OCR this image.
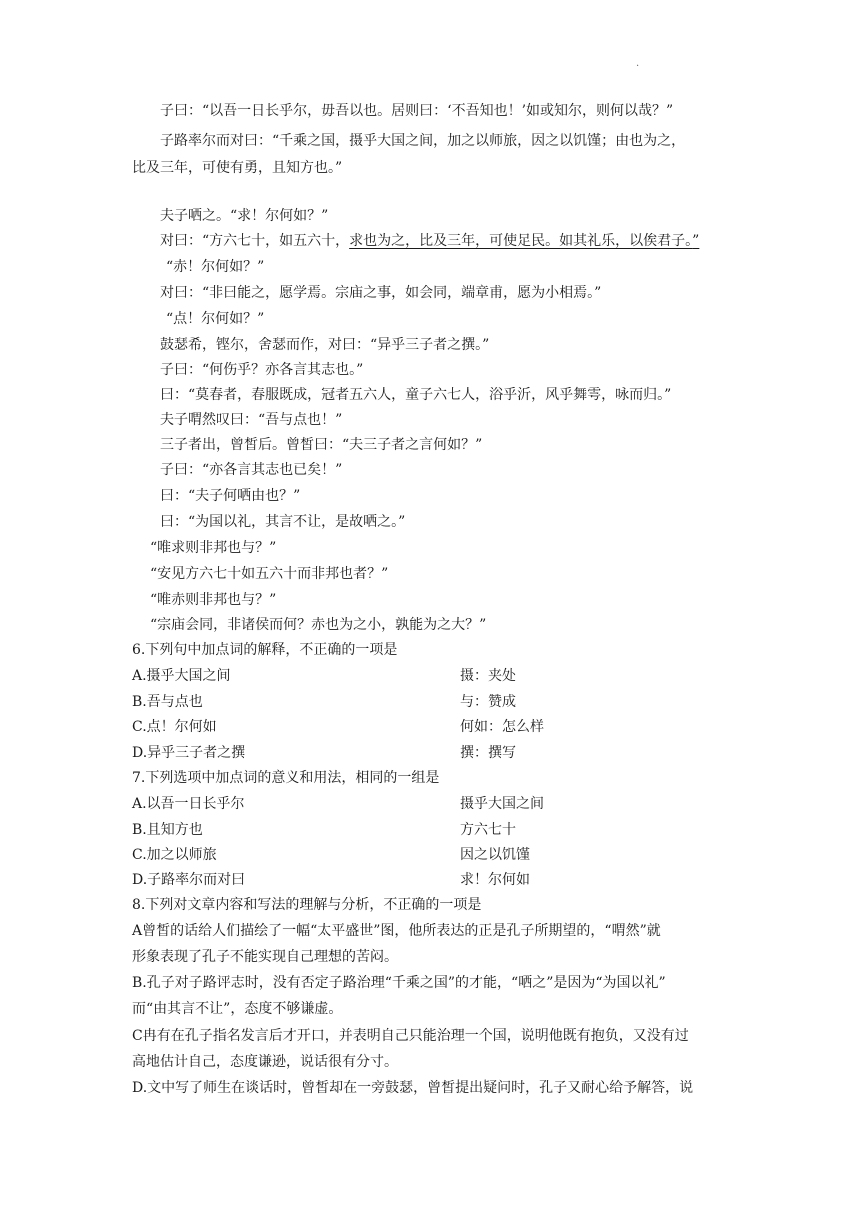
.
子曰：“以吾一日长乎尔，毋吾以也。居则曰：‘不吾知也！’如或知尔，则何以哉？”
子路率尔而对曰：“千乘之国，摄乎大国之间，加之以师旅，因之以饥馑；由也为之，
比及三年，可使有勇，且知方也。”
夫子哂之。“求！尔何如？”
对曰：“方六七十，如五六十，求也为之，比及三年，可使足民。如其礼乐，以俟君子。”
“赤！尔何如？”
对曰：“非曰能之，愿学焉。宗庙之事，如会同，端章甫，愿为小相焉。”
“点！尔何如？”
鼓瑟希，铿尔，舍瑟而作，对曰：“异乎三子者之撰。”
子曰：“何伤乎？亦各言其志也。”
曰：“莫春者，春服既成，冠者五六人，童子六七人，浴乎沂，风乎舞雩，咏而归。”
夫子喟然叹曰：“吾与点也！”
三子者出，曾皙后。曾皙曰：“夫三子者之言何如？”
子曰：“亦各言其志也已矣！”
曰：“夫子何哂由也？”
曰：“为国以礼，其言不让，是故哂之。”
“唯求则非邦也与？”
“安见方六七十如五六十而非邦也者？”
“唯赤则非邦也与？”
“宗庙会同，非诸侯而何？赤也为之小，孰能为之大？”
6.下列句中加点词的解释，不正确的一项是
A.摄乎大国之间	摄：夹处
B.吾与点也	与：赞成
C.点！尔何如	何如：怎么样
D.异乎三子者之撰	撰：撰写
7.下列选项中加点词的意义和用法，相同的一组是
A.以吾一日长乎尔	摄乎大国之间
B.且知方也	方六七十
C.加之以师旅	因之以饥馑
D.子路率尔而对曰	求！尔何如
8.下列对文章内容和写法的理解与分析，不正确的一项是
A曾皙的话给人们描绘了一幅“太平盛世”图，他所表达的正是孔子所期望的，“喟然”就
形象表现了孔子不能实现自己理想的苦闷。
B.孔子对子路评志时，没有否定子路治理“千乘之国”的才能，“哂之”是因为“为国以礼”
而“由其言不让”，态度不够谦虚。
C冉有在孔子指名发言后才开口，并表明自己只能治理一个国，说明他既有抱负，又没有过
高地估计自己，态度谦逊，说话很有分寸。
D.文中写了师生在谈话时，曾皙却在一旁鼓瑟，曾皙提出疑问时，孔子又耐心给予解答，说
